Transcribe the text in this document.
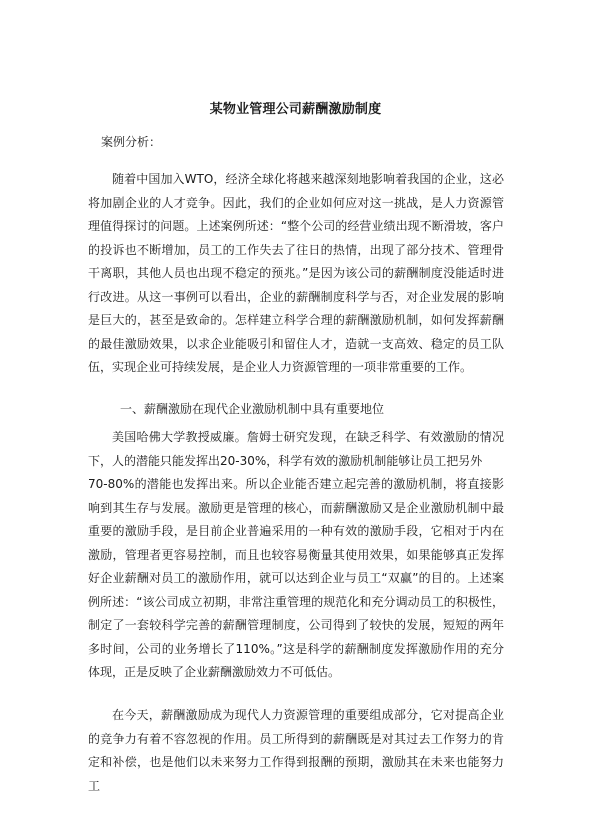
某物业管理公司薪酬激励制度
案例分析：

随着中国加入WTO，经济全球化将越来越深刻地影响着我国的企业，这必将加剧企业的人才竞争。因此，我们的企业如何应对这一挑战，是人力资源管理值得探讨的问题。上述案例所述：“整个公司的经营业绩出现不断滑坡，客户的投诉也不断增加，员工的工作失去了往日的热情，出现了部分技术、管理骨干离职，其他人员也出现不稳定的预兆。”是因为该公司的薪酬制度没能适时进行改进。从这一事例可以看出，企业的薪酬制度科学与否，对企业发展的影响是巨大的，甚至是致命的。怎样建立科学合理的薪酬激励机制，如何发挥薪酬的最佳激励效果，以求企业能吸引和留住人才，造就一支高效、稳定的员工队伍，实现企业可持续发展，是企业人力资源管理的一项非常重要的工作。

一、薪酬激励在现代企业激励机制中具有重要地位

美国哈佛大学教授威廉。詹姆士研究发现，在缺乏科学、有效激励的情况下，人的潜能只能发挥出20-30%，科学有效的激励机制能够让员工把另外
70-80%的潜能也发挥出来。所以企业能否建立起完善的激励机制，将直接影响到其生存与发展。激励更是管理的核心，而薪酬激励又是企业激励机制中最重要的激励手段，是目前企业普遍采用的一种有效的激励手段，它相对于内在激励，管理者更容易控制，而且也较容易衡量其使用效果，如果能够真正发挥好企业薪酬对员工的激励作用，就可以达到企业与员工“双赢”的目的。上述案例所述：“该公司成立初期，非常注重管理的规范化和充分调动员工的积极性，制定了一套较科学完善的薪酬管理制度，公司得到了较快的发展，短短的两年多时间，公司的业务增长了110%。”这是科学的薪酬制度发挥激励作用的充分体现，正是反映了企业薪酬激励效力不可低估。

在今天，薪酬激励成为现代人力资源管理的重要组成部分，它对提高企业的竞争力有着不容忽视的作用。员工所得到的薪酬既是对其过去工作努力的肯定和补偿，也是他们以未来努力工作得到报酬的预期，激励其在未来也能努力工
